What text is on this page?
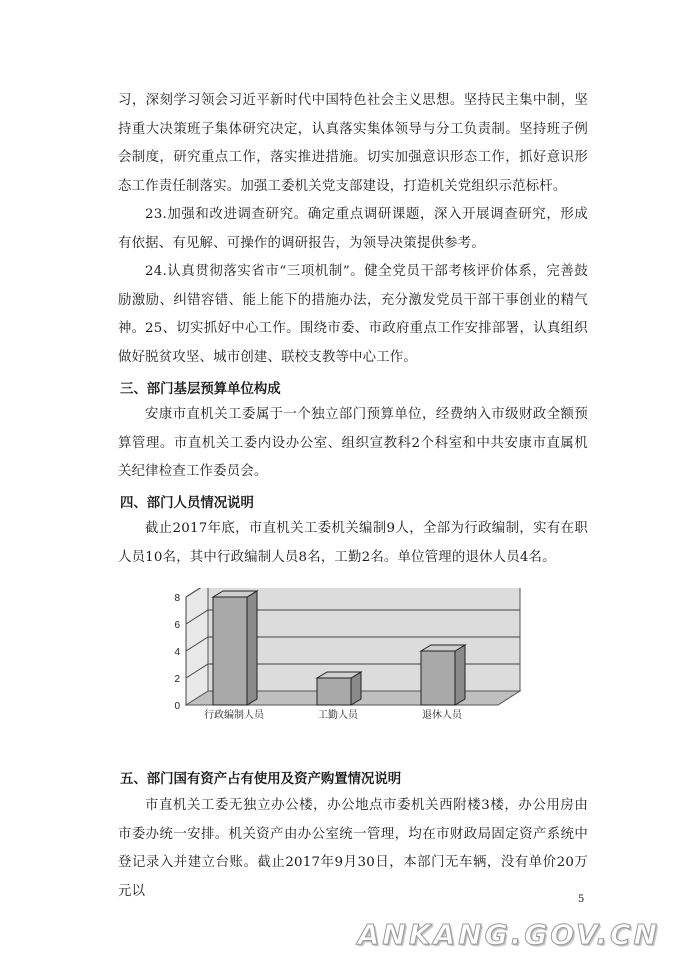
习，深刻学习领会习近平新时代中国特色社会主义思想。坚持民主集中制，坚持重大决策班子集体研究决定，认真落实集体领导与分工负责制。坚持班子例会制度，研究重点工作，落实推进措施。切实加强意识形态工作，抓好意识形态工作责任制落实。加强工委机关党支部建设，打造机关党组织示范标杆。

23.加强和改进调查研究。确定重点调研课题，深入开展调查研究，形成有依据、有见解、可操作的调研报告，为领导决策提供参考。

24.认真贯彻落实省市“三项机制”。健全党员干部考核评价体系，完善鼓励激励、纠错容错、能上能下的措施办法，充分激发党员干部干事创业的精气神。 25、切实抓好中心工作。围绕市委、市政府重点工作安排部署，认真组织做好脱贫攻坚、城市创建、联校支教等中心工作。

三、部门基层预算单位构成

安康市直机关工委属于一个独立部门预算单位，经费纳入市级财政全额预算管理。市直机关工委内设办公室、组织宣教科2个科室和中共安康市直属机关纪律检查工作委员会。

四、部门人员情况说明

截止2017年底，市直机关工委机关编制9人，全部为行政编制，实有在职人员10名，其中行政编制人员8名，工勤2名。单位管理的退休人员4名。

0
2
4
6
8
行政编制人员	工勤人员	退休人员
五、部门国有资产占有使用及资产购置情况说明

市直机关工委无独立办公楼，办公地点市委机关西附楼3楼，办公用房由市委办统一安排。机关资产由办公室统一管理，均在市财政局固定资产系统中登记录入并建立台账。截止2017年9月30日，本部门无车辆，没有单价20万元以

5
ANKANG.GOV.CN
